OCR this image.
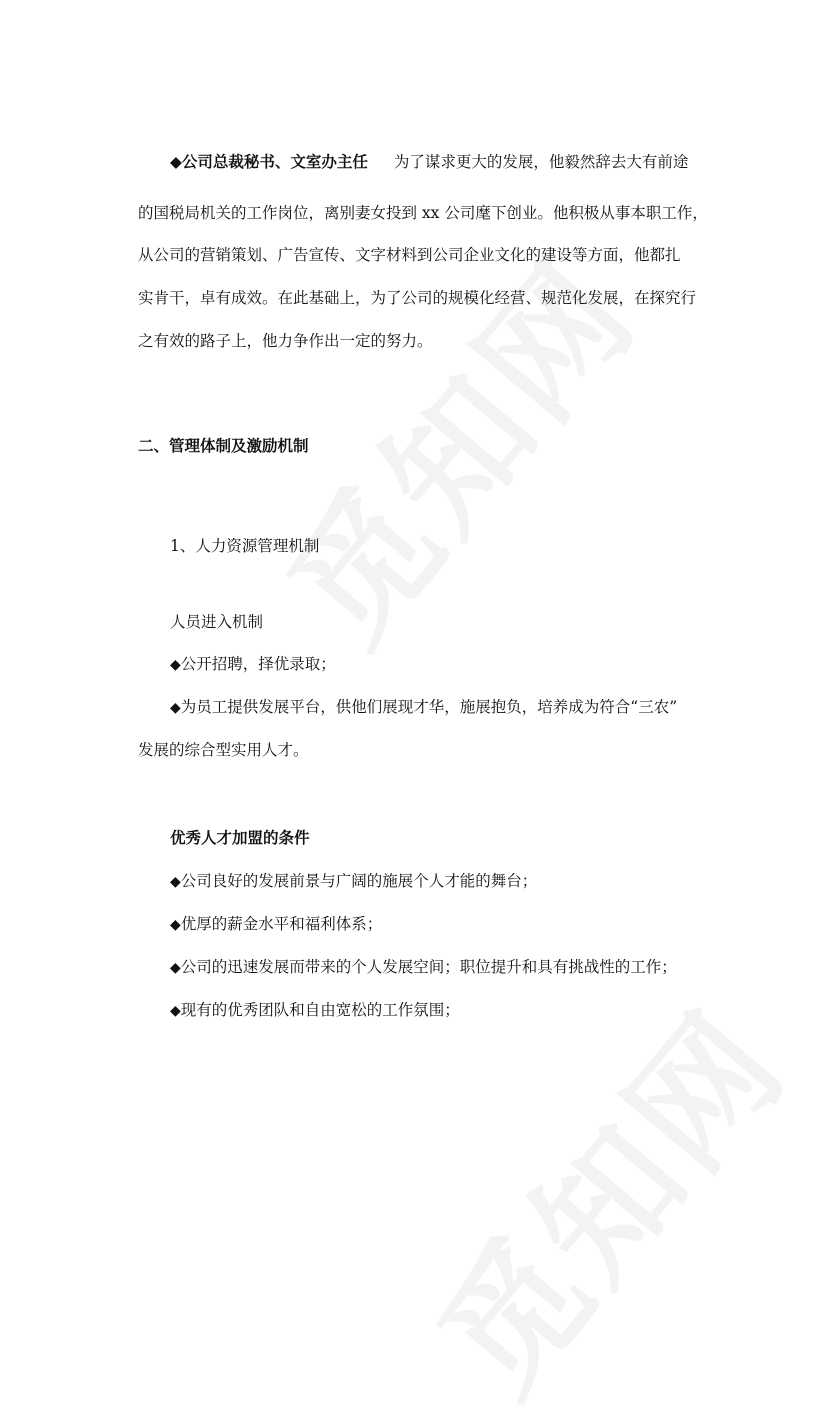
◆公司总裁秘书、文室办主任 为了谋求更大的发展，他毅然辞去大有前途
的国税局机关的工作岗位，离别妻女投到 xx 公司麾下创业。他积极从事本职工作，
从公司的营销策划、广告宣传、文字材料到公司企业文化的建设等方面，他都扎
实肯干，卓有成效。在此基础上，为了公司的规模化经营、规范化发展，在探究行
之有效的路子上，他力争作出一定的努力。
二、管理体制及激励机制
1、人力资源管理机制
人员进入机制
◆公开招聘，择优录取；
◆为员工提供发展平台，供他们展现才华，施展抱负，培养成为符合“三农”
发展的综合型实用人才。
优秀人才加盟的条件
◆公司良好的发展前景与广阔的施展个人才能的舞台；
◆优厚的薪金水平和福利体系；
◆公司的迅速发展而带来的个人发展空间；职位提升和具有挑战性的工作；
◆现有的优秀团队和自由宽松的工作氛围；
